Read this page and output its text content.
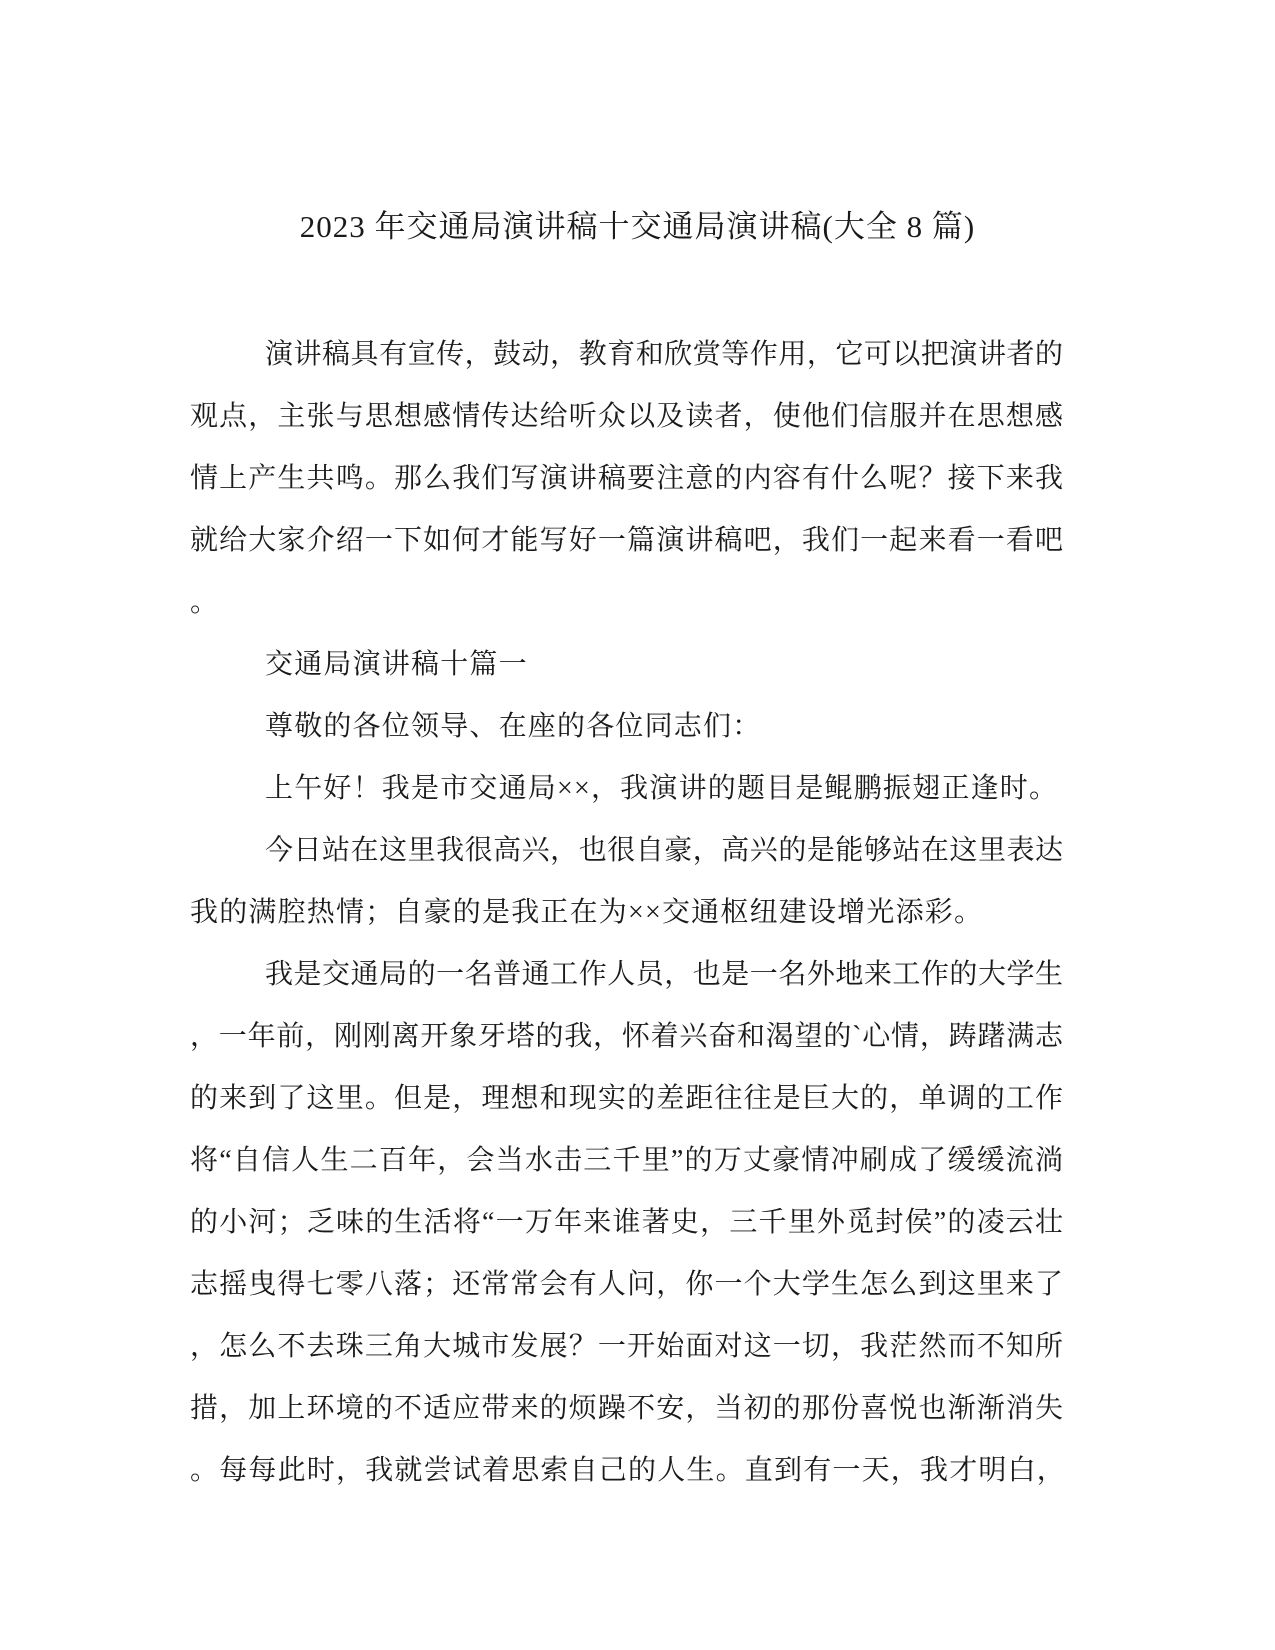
2023 年交通局演讲稿十交通局演讲稿(大全 8 篇)
演讲稿具有宣传，鼓动，教育和欣赏等作用，它可以把演讲者的
观点，主张与思想感情传达给听众以及读者，使他们信服并在思想感
情上产生共鸣。那么我们写演讲稿要注意的内容有什么呢？接下来我
就给大家介绍一下如何才能写好一篇演讲稿吧，我们一起来看一看吧
。
交通局演讲稿十篇一
尊敬的各位领导、在座的各位同志们：
上午好！我是市交通局××，我演讲的题目是鲲鹏振翅正逢时。
今日站在这里我很高兴，也很自豪，高兴的是能够站在这里表达
我的满腔热情；自豪的是我正在为××交通枢纽建设增光添彩。
我是交通局的一名普通工作人员，也是一名外地来工作的大学生
，一年前，刚刚离开象牙塔的我，怀着兴奋和渴望的`心情，踌躇满志
的来到了这里。但是，理想和现实的差距往往是巨大的，单调的工作
将“自信人生二百年，会当水击三千里”的万丈豪情冲刷成了缓缓流淌
的小河；乏味的生活将“一万年来谁著史，三千里外觅封侯”的凌云壮
志摇曳得七零八落；还常常会有人问，你一个大学生怎么到这里来了
，怎么不去珠三角大城市发展？一开始面对这一切，我茫然而不知所
措，加上环境的不适应带来的烦躁不安，当初的那份喜悦也渐渐消失
。每每此时，我就尝试着思索自己的人生。直到有一天，我才明白，
